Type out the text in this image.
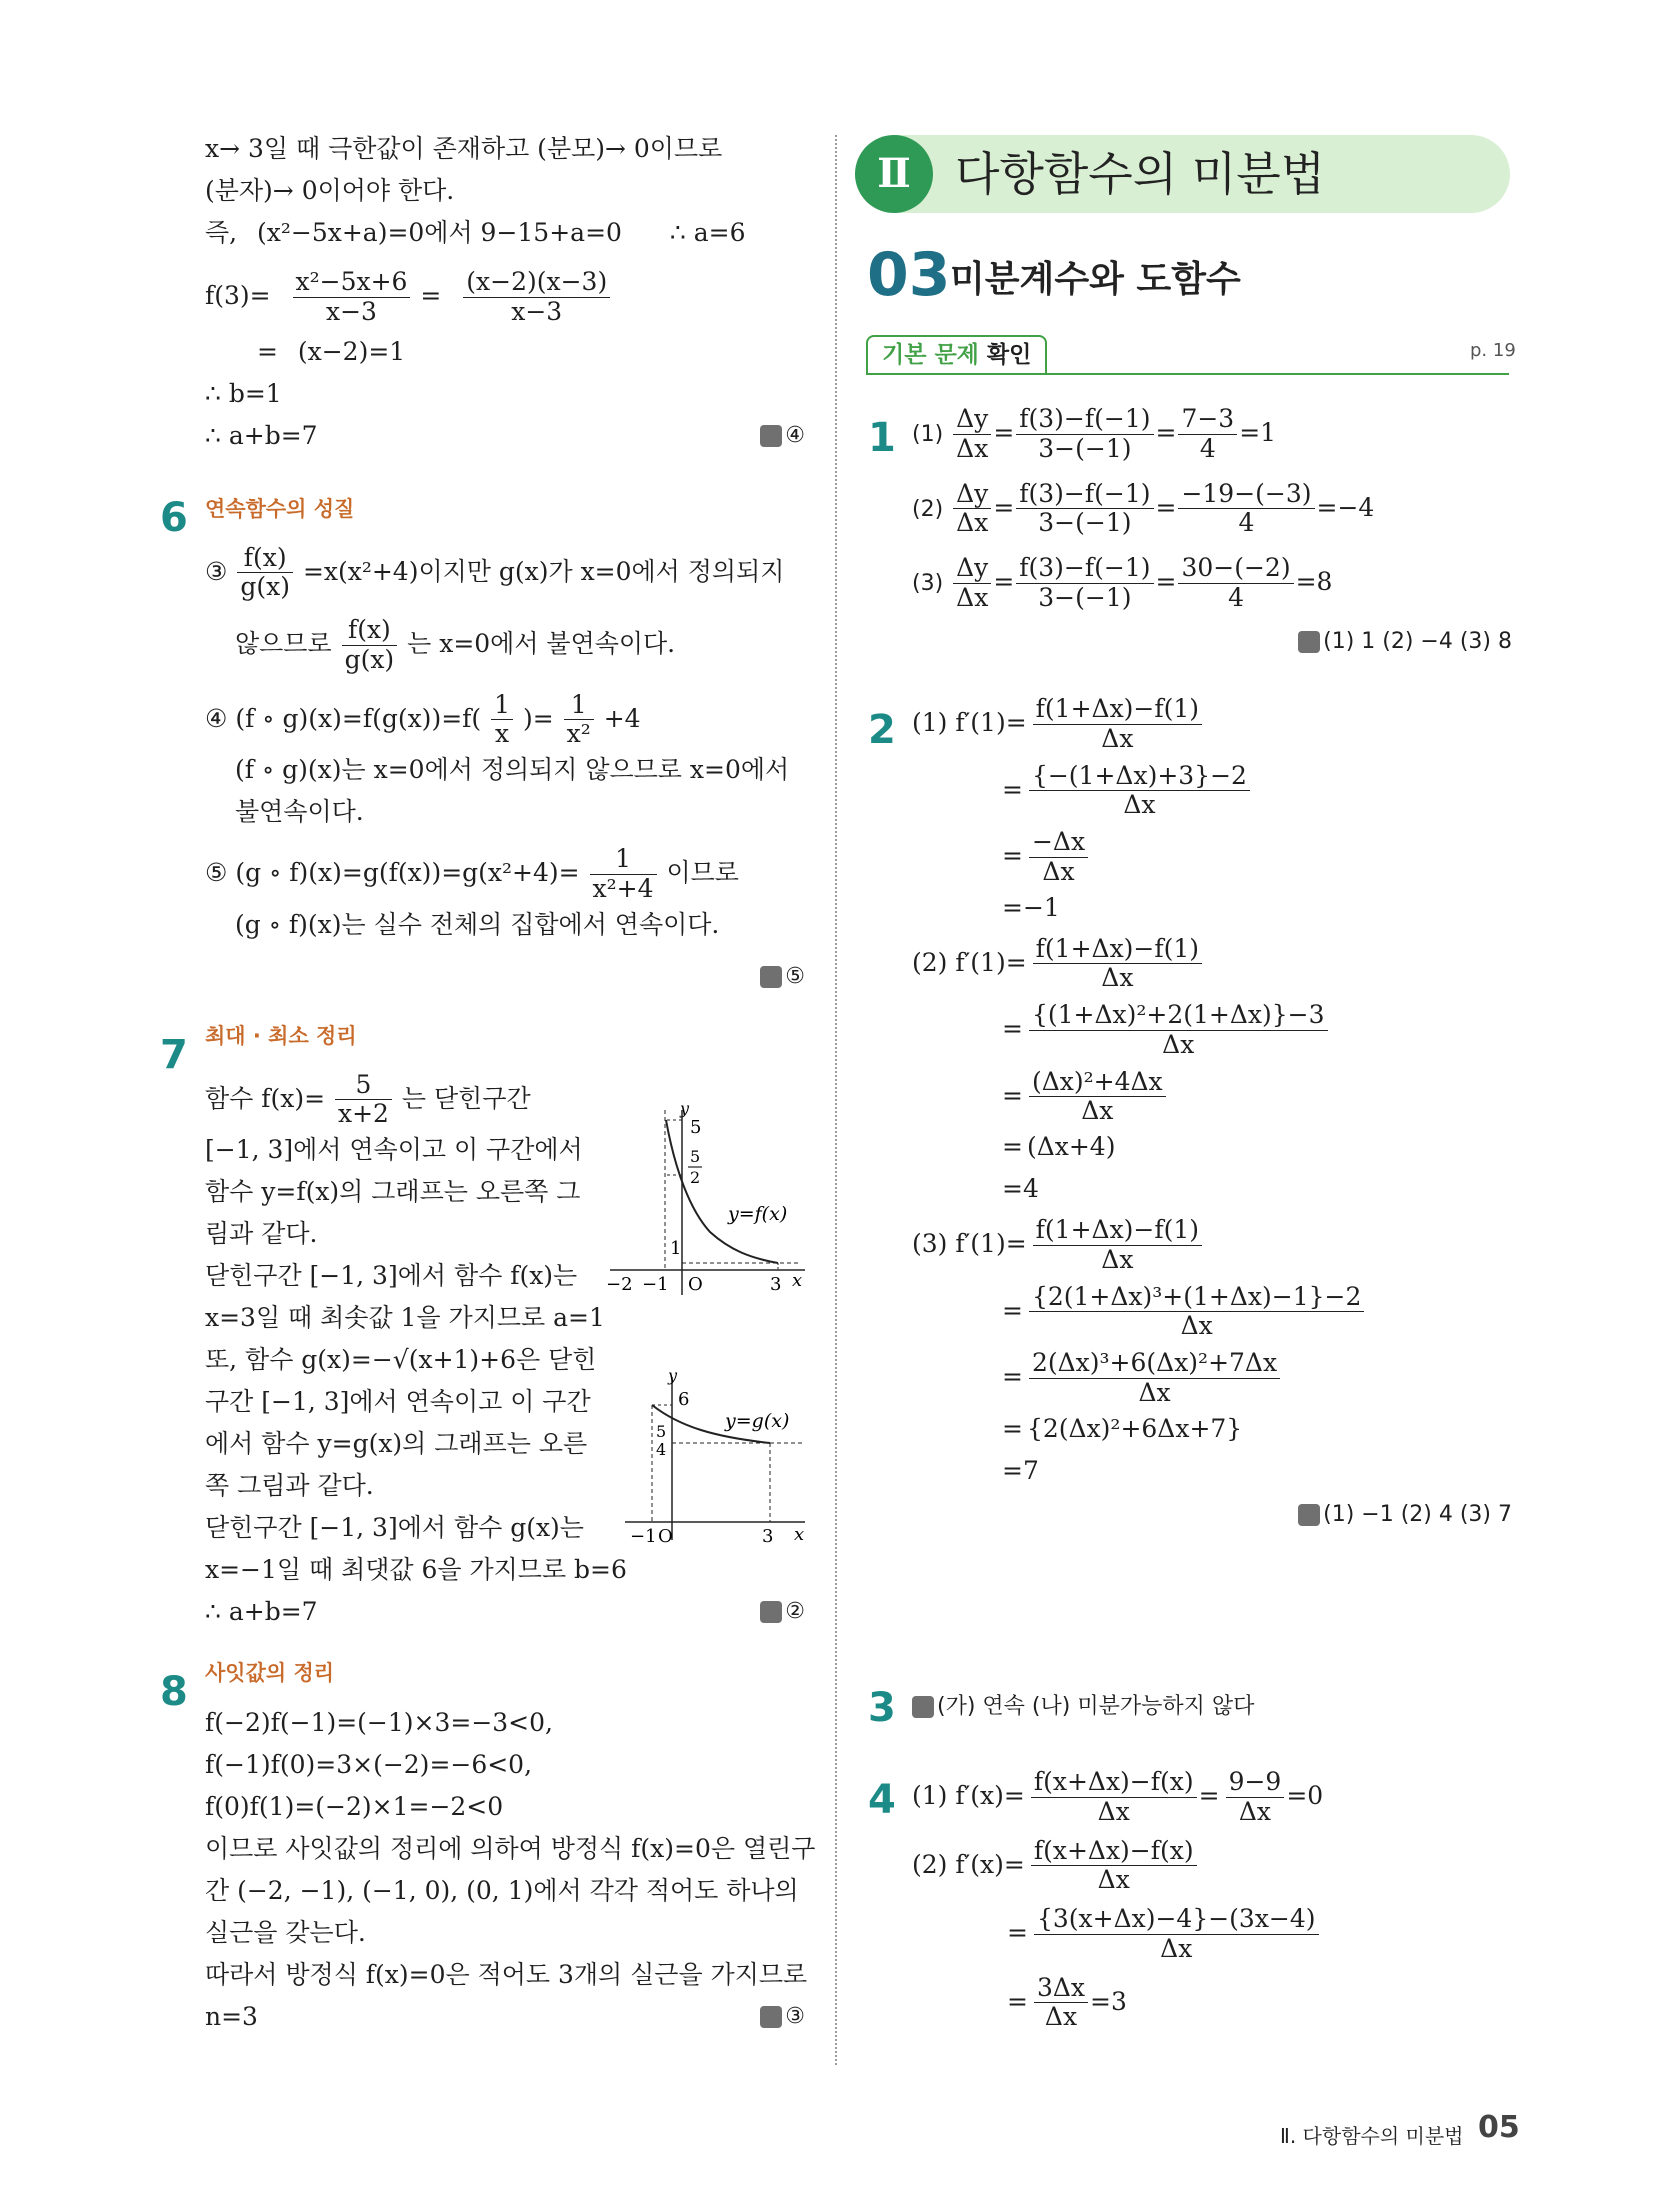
x→ 3일 때 극한값이 존재하고 (분모)→ 0이므로
(분자)→ 0이어야 한다.
즉, (x²−5x+a)=0에서 9−15+a=0 ∴ a=6
f(3)=
$\frac{\text{x²−5x+6}}{x-3}$ =
$\frac{(x-2)(x-3)}{x-3}$
= (x−2)=1
∴ b=1
∴ a+b=7	④
연속함수의 성질
③ $\frac{f(x)}{g(x)} =x(x^2+4)$이지만 g(x)가 x=0에서 정의되지
않으므로 $\frac{f(x)}{g(x)}$ 는 x=0에서 불연속이다.
④ (f ∘ $g)(x)=f(g(x))=f( \frac{1}{x}$ )= $\frac{1}{\text{x²}} +4$
(f ∘ g)(x)는 x=0에서 정의되지 않으므로 x=0에서
불연속이다.
⑤ (g ∘ $f)(x)=g(f(x))=g(x^2+4)= \frac{1}{\text{x²+4}}$ 이므로
(g ∘ f)(x)는 실수 전체의 집합에서 연속이다.
⑤
최대 · 최소 정리
함수 $f(x)= \frac{5}{x+2}$ 는 닫힌구간
[−1, 3]에서 연속이고 이 구간에서
함수 y=f(x)의 그래프는 오른쪽 그
림과 같다.
닫힌구간 [−1, 3]에서 함수 f(x)는
x=3일 때 최솟값 1을 가지므로 a=1
또, 함수 g(x)=−√(x+1)+6은 닫힌
구간 [−1, 3]에서 연속이고 이 구간
에서 함수 y=g(x)의 그래프는 오른
쪽 그림과 같다.
닫힌구간 [−1, 3]에서 함수 g(x)는
x=−1일 때 최댓값 6을 가지므로 b=6
∴ a+b=7	②
사잇값의 정리
f(−2)f(−1)=(−1)×3=−3<0,
f(−1)f(0)=3×(−2)=−6<0,
f(0)f(1)=(−2)×1=−2<0
이므로 사잇값의 정리에 의하여 방정식 f(x)=0은 열린구
간 (−2, −1), (−1, 0), (0, 1)에서 각각 적어도 하나의
실근을 갖는다.
따라서 방정식 f(x)=0은 적어도 3개의 실근을 가지므로
n=3	③
6
7
8
y
5
5
2
1
−2 −1 O	3 x
y=f(x)
y
6
5
4
−1 O	3 x
y=g(x)
Ⅱ 다항함수의 미분법
03 미분계수와 도함수
기본 문제 확인	p. 19
1
2
3
4
$(1) \frac{\Delta y}{\Delta x} = \frac{f(3)-f(-1)}{3-(-1)} = \frac{7-3}{4} =1$
$(2) \frac{\Delta y}{\Delta x} = \frac{f(3)-f(-1)}{3-(-1)} = \frac{-19-(-3)}{4} =-4$
$(3) \frac{\Delta y}{\Delta x} = \frac{f(3)-f(-1)}{3-(-1)} = \frac{30-(-2)}{4} =8$
(1) 1 (2) −4 (3) 8
(1) $f'(1)= \frac{f(1+\Delta x)-f(1)}{\Delta x}$
= $\frac{\{-(1+\Delta x)+3\}-2}{\Delta x}$
= $\frac{-\Delta x}{\Delta x}$
=−1
(2) $f'(1)= \frac{f(1+\Delta x)-f(1)}{\Delta x}$
= $\frac{\text{\{(1+Δx)²+2(1+Δx)\}−3}}{\Delta x}$
= $\frac{\text{(Δx)²+4Δx}}{\Delta x}$
= (Δx+4)
=4
(3) $f'(1)= \frac{f(1+\Delta x)-f(1)}{\Delta x}$
= $\frac{\text{\{2(1+Δx)³+(1+Δx)−1\}−2}}{\Delta x}$
= $\frac{\text{2(Δx)³+6(Δx)²+7Δx}}{\Delta x}$
= {2(Δx)²+6Δx+7}
=7
(1) −1 (2) 4 (3) 7
(가) 연속 (나) 미분가능하지 않다
(1) $f'(x)= \frac{f(x+\Delta x)-f(x)}{\Delta x} = \frac{9-9}{\Delta x} =0$
(2) $f'(x)= \frac{f(x+\Delta x)-f(x)}{\Delta x}$
= $\frac{\{3(x+\Delta x)-4\}-(3x-4)}{\Delta x}$
= $\frac{3\Delta x}{\Delta x} =3$
Ⅱ. 다항함수의 미분법 05
